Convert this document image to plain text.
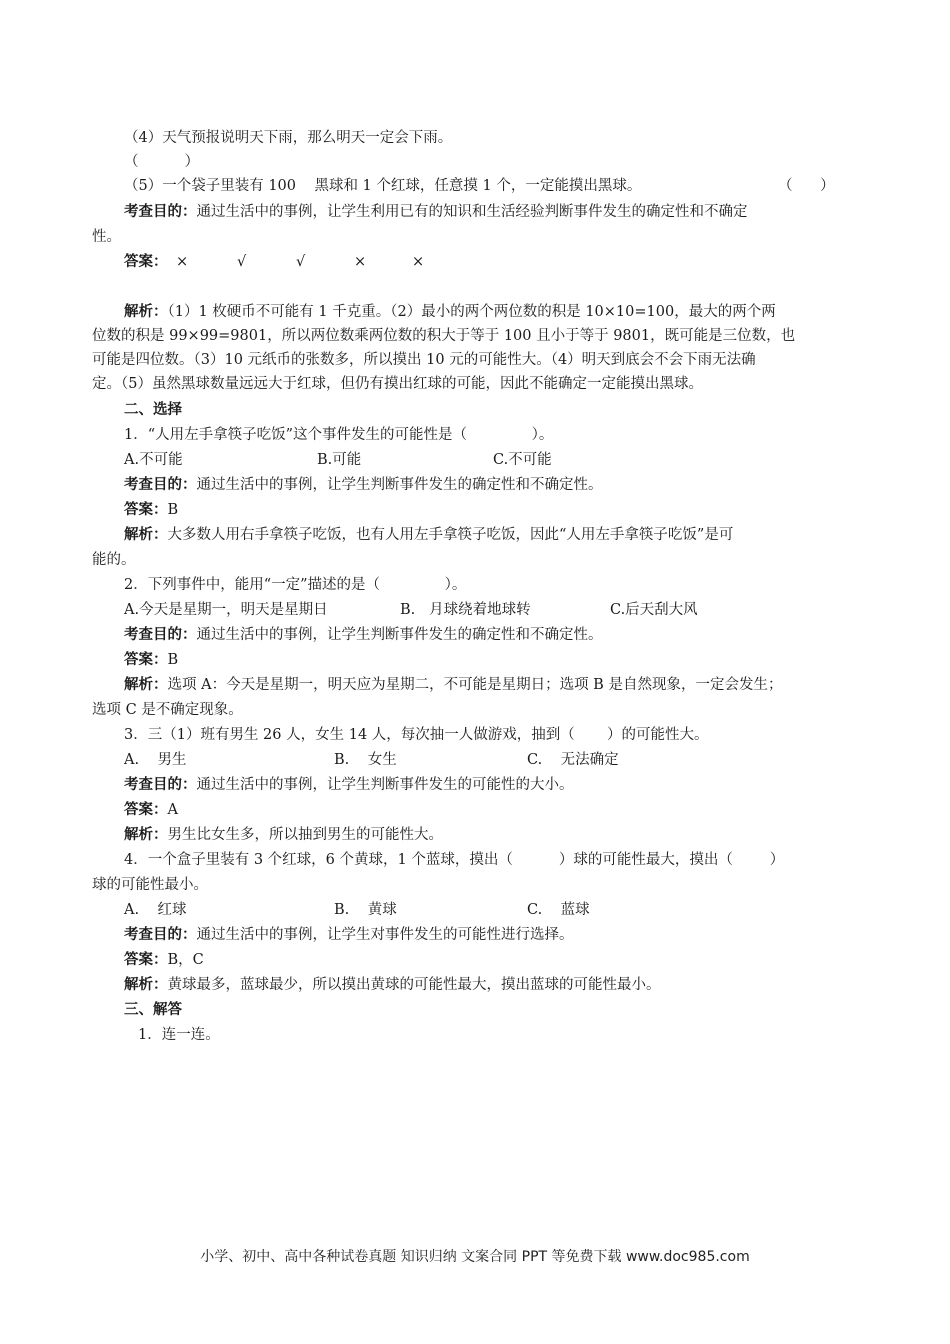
（4）天气预报说明天下雨，那么明天一定会下雨。
（          ）
（5）一个袋子里装有 100    黑球和 1 个红球，任意摸 1 个，一定能摸出黑球。	（      ）
考查目的：通过生活中的事例，让学生利用已有的知识和生活经验判断事件发生的确定性和不确定
性。
答案： ×	√	√	×	×
解析：（1）1 枚硬币不可能有 1 千克重。（2）最小的两个两位数的积是 10×10=100，最大的两个两
位数的积是 99×99=9801，所以两位数乘两位数的积大于等于 100 且小于等于 9801，既可能是三位数，也
可能是四位数。（3）10 元纸币的张数多，所以摸出 10 元的可能性大。（4）明天到底会不会下雨无法确
定。（5）虽然黑球数量远远大于红球，但仍有摸出红球的可能，因此不能确定一定能摸出黑球。
二、选择
1．“人用左手拿筷子吃饭”这个事件发生的可能性是（              ）。
A.不可能	B.可能	C.不可能
考查目的：通过生活中的事例，让学生判断事件发生的确定性和不确定性。
答案：B
解析：大多数人用右手拿筷子吃饭，也有人用左手拿筷子吃饭，因此“人用左手拿筷子吃饭”是可
能的。
2．下列事件中，能用“一定”描述的是（              ）。
A.今天是星期一，明天是星期日	B.   月球绕着地球转	C.后天刮大风
考查目的：通过生活中的事例，让学生判断事件发生的确定性和不确定性。
答案：B
解析：选项 A：今天是星期一，明天应为星期二，不可能是星期日；选项 B 是自然现象，一定会发生；
选项 C 是不确定现象。
3．三（1）班有男生 26 人，女生 14 人，每次抽一人做游戏，抽到（       ）的可能性大。
A.    男生	B.    女生	C.    无法确定
考查目的：通过生活中的事例，让学生判断事件发生的可能性的大小。
答案：A
解析：男生比女生多，所以抽到男生的可能性大。
4．一个盒子里装有 3 个红球，6 个黄球，1 个蓝球，摸出（          ）球的可能性最大，摸出（        ）
球的可能性最小。
A.    红球	B.    黄球	C.    蓝球
考查目的：通过生活中的事例，让学生对事件发生的可能性进行选择。
答案：B，C
解析：黄球最多，蓝球最少，所以摸出黄球的可能性最大，摸出蓝球的可能性最小。
三、解答
1．连一连。
小学、初中、高中各种试卷真题 知识归纳 文案合同 PPT 等免费下载 www.doc985.com
